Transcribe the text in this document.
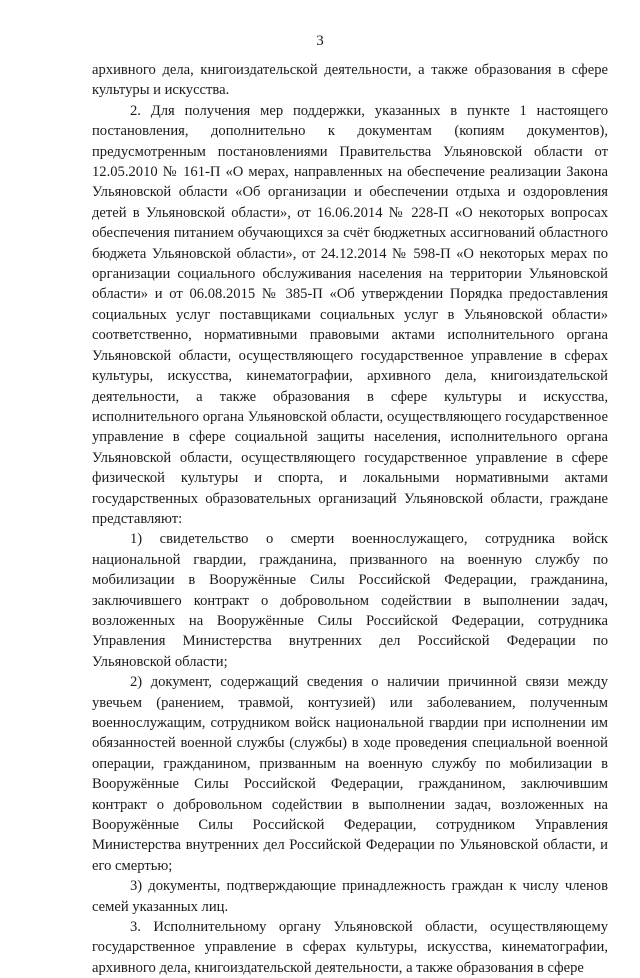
3

архивного дела, книгоиздательской деятельности, а также образования в сфере культуры и искусства.

2. Для получения мер поддержки, указанных в пункте 1 настоящего постановления, дополнительно к документам (копиям документов), предусмотренным постановлениями Правительства Ульяновской области от 12.05.2010 № 161-П «О мерах, направленных на обеспечение реализации Закона Ульяновской области «Об организации и обеспечении отдыха и оздоровления детей в Ульяновской области», от 16.06.2014 № 228-П «О некоторых вопросах обеспечения питанием обучающихся за счёт бюджетных ассигнований областного бюджета Ульяновской области», от 24.12.2014 № 598-П «О некоторых мерах по организации социального обслуживания населения на территории Ульяновской области» и от 06.08.2015 № 385-П «Об утверждении Порядка предоставления социальных услуг поставщиками социальных услуг в Ульяновской области» соответственно, нормативными правовыми актами исполнительного органа Ульяновской области, осуществляющего государственное управление в сферах культуры, искусства, кинематографии, архивного дела, книгоиздательской деятельности, а также образования в сфере культуры и искусства, исполнительного органа Ульяновской области, осуществляющего государственное управление в сфере социальной защиты населения, исполнительного органа Ульяновской области, осуществляющего государственное управление в сфере физической культуры и спорта, и локальными нормативными актами государственных образовательных организаций Ульяновской области, граждане представляют:

1) свидетельство о смерти военнослужащего, сотрудника войск национальной гвардии, гражданина, призванного на военную службу по мобилизации в Вооружённые Силы Российской Федерации, гражданина, заключившего контракт о добровольном содействии в выполнении задач, возложенных на Вооружённые Силы Российской Федерации, сотрудника Управления Министерства внутренних дел Российской Федерации по Ульяновской области;

2) документ, содержащий сведения о наличии причинной связи между увечьем (ранением, травмой, контузией) или заболеванием, полученным военнослужащим, сотрудником войск национальной гвардии при исполнении им обязанностей военной службы (службы) в ходе проведения специальной военной операции, гражданином, призванным на военную службу по мобилизации в Вооружённые Силы Российской Федерации, гражданином, заключившим контракт о добровольном содействии в выполнении задач, возложенных на Вооружённые Силы Российской Федерации, сотрудником Управления Министерства внутренних дел Российской Федерации по Ульяновской области, и его смертью;

3) документы, подтверждающие принадлежность граждан к числу членов семей указанных лиц.

3. Исполнительному органу Ульяновской области, осуществляющему государственное управление в сферах культуры, искусства, кинематографии, архивного дела, книгоиздательской деятельности, а также образования в сфере
